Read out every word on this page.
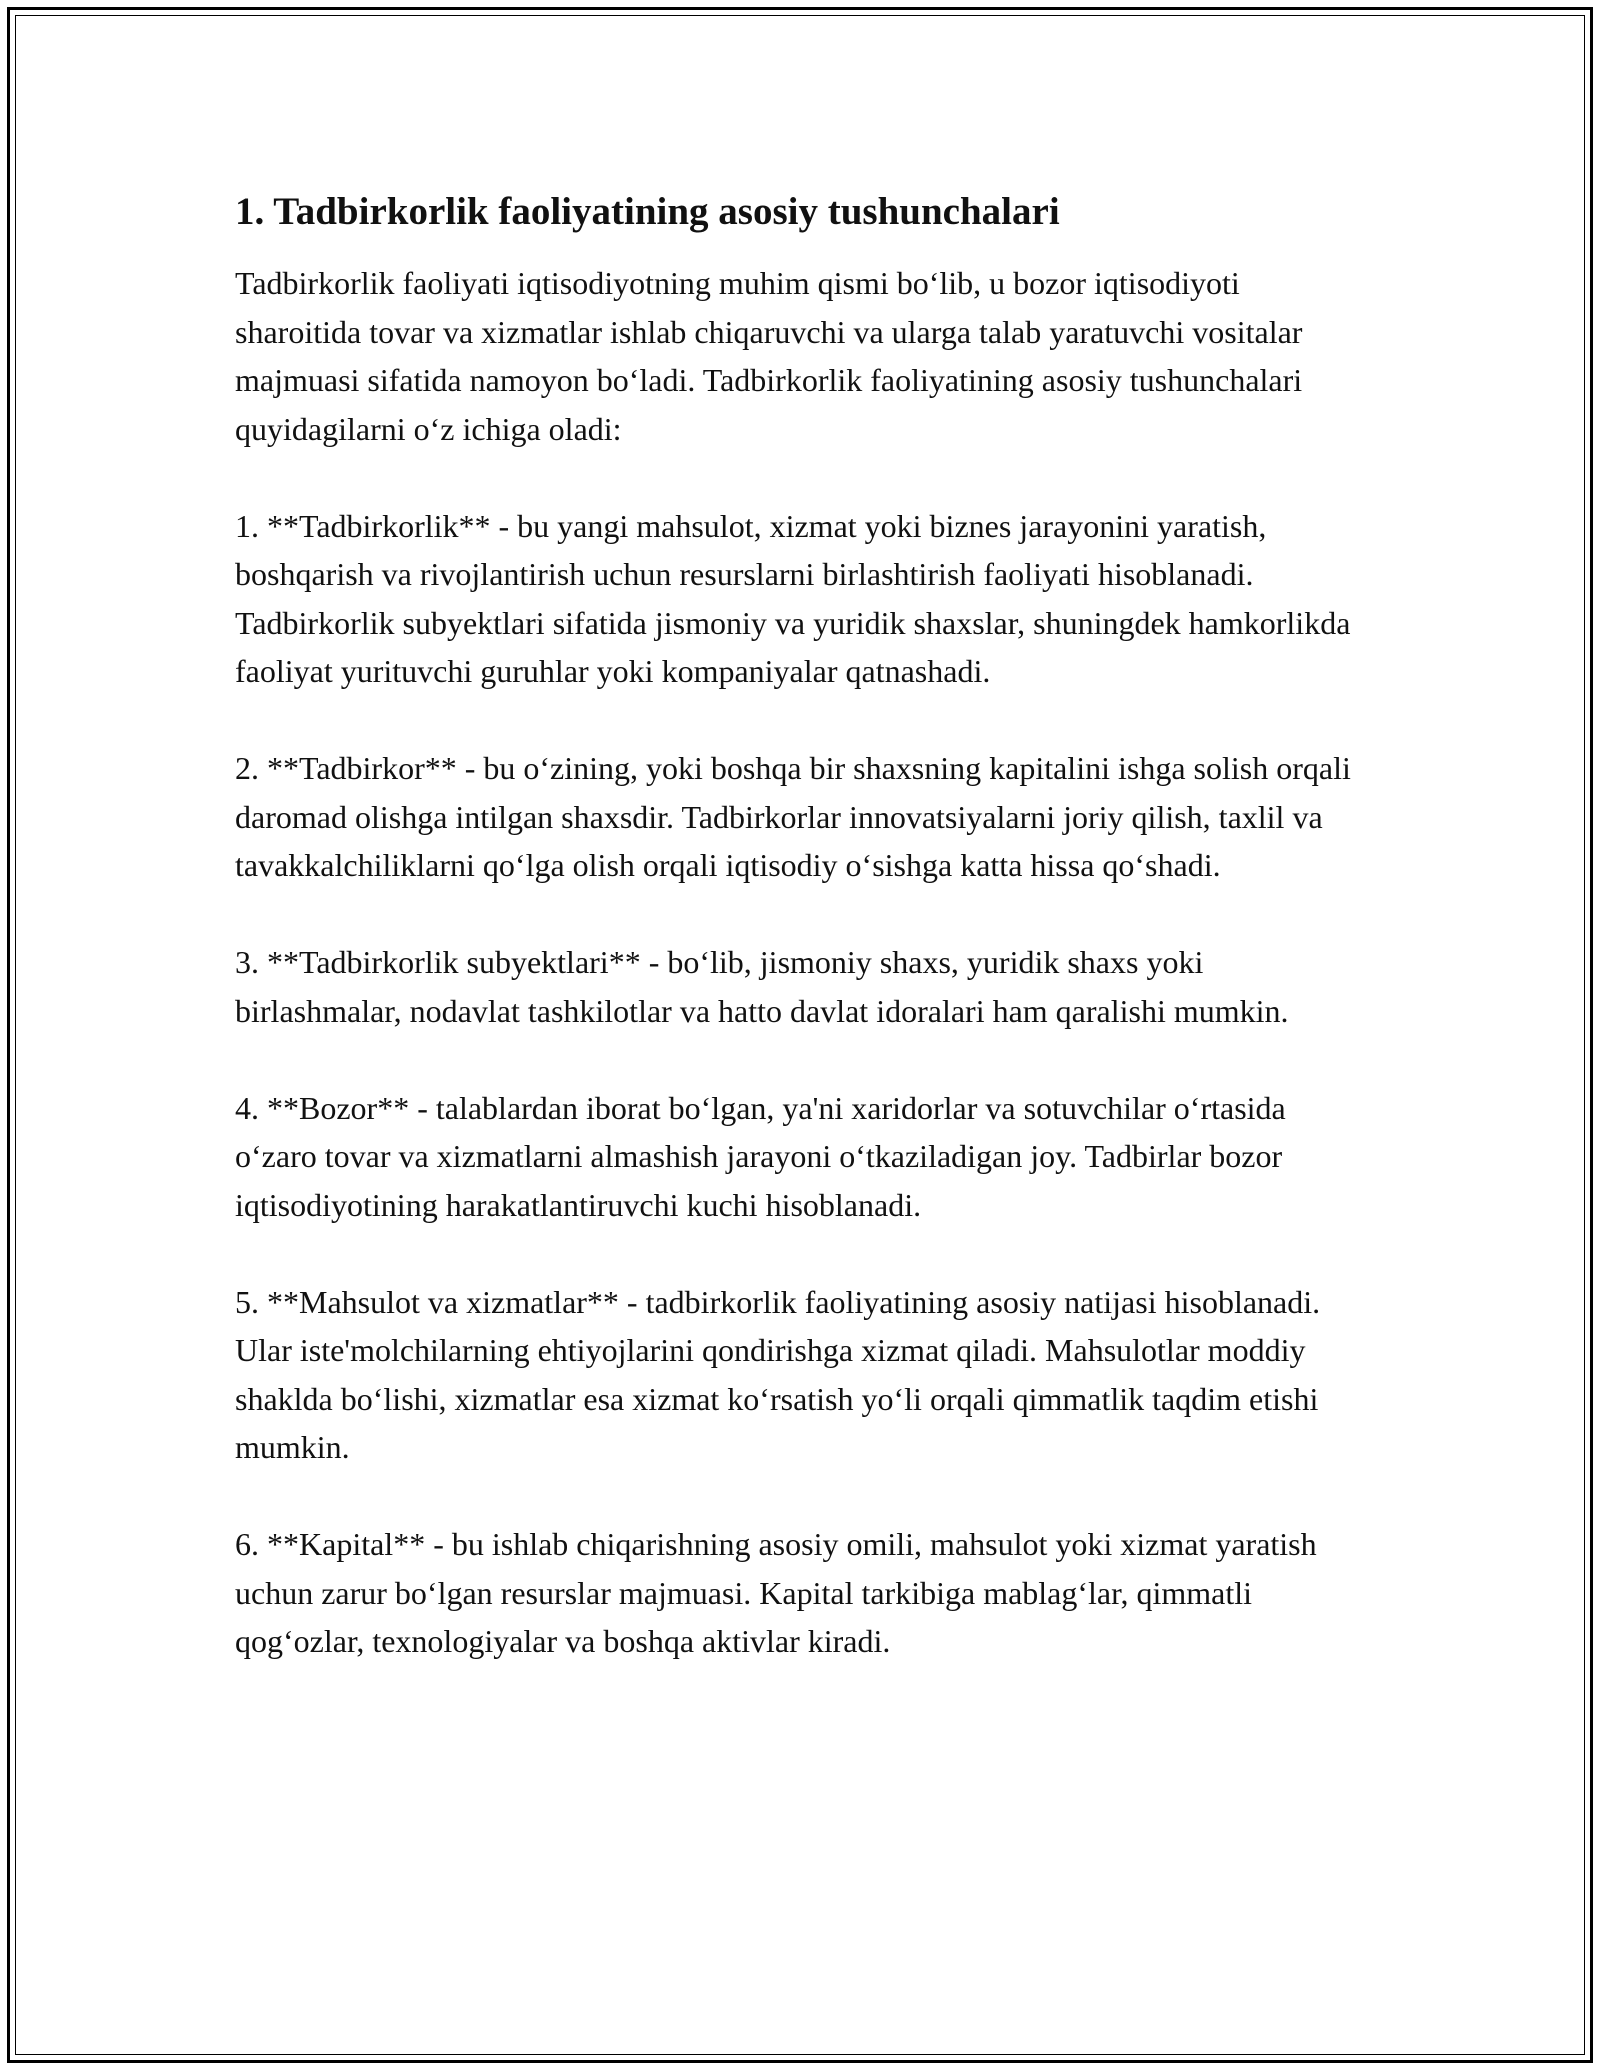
1. Tadbirkorlik faoliyatining asosiy tushunchalari

Tadbirkorlik faoliyati iqtisodiyotning muhim qismi bo‘lib, u bozor iqtisodiyoti sharoitida tovar va xizmatlar ishlab chiqaruvchi va ularga talab yaratuvchi vositalar majmuasi sifatida namoyon bo‘ladi. Tadbirkorlik faoliyatining asosiy tushunchalari quyidagilarni o‘z ichiga oladi:

1. **Tadbirkorlik** - bu yangi mahsulot, xizmat yoki biznes jarayonini yaratish, boshqarish va rivojlantirish uchun resurslarni birlashtirish faoliyati hisoblanadi. Tadbirkorlik subyektlari sifatida jismoniy va yuridik shaxslar, shuningdek hamkorlikda faoliyat yurituvchi guruhlar yoki kompaniyalar qatnashadi.

2. **Tadbirkor** - bu o‘zining, yoki boshqa bir shaxsning kapitalini ishga solish orqali daromad olishga intilgan shaxsdir. Tadbirkorlar innovatsiyalarni joriy qilish, taxlil va tavakkalchiliklarni qo‘lga olish orqali iqtisodiy o‘sishga katta hissa qo‘shadi.

3. **Tadbirkorlik subyektlari** - bo‘lib, jismoniy shaxs, yuridik shaxs yoki birlashmalar, nodavlat tashkilotlar va hatto davlat idoralari ham qaralishi mumkin.

4. **Bozor** - talablardan iborat bo‘lgan, ya'ni xaridorlar va sotuvchilar o‘rtasida o‘zaro tovar va xizmatlarni almashish jarayoni o‘tkaziladigan joy. Tadbirlar bozor iqtisodiyotining harakatlantiruvchi kuchi hisoblanadi.

5. **Mahsulot va xizmatlar** - tadbirkorlik faoliyatining asosiy natijasi hisoblanadi. Ular iste'molchilarning ehtiyojlarini qondirishga xizmat qiladi. Mahsulotlar moddiy shaklda bo‘lishi, xizmatlar esa xizmat ko‘rsatish yo‘li orqali qimmatlik taqdim etishi mumkin.

6. **Kapital** - bu ishlab chiqarishning asosiy omili, mahsulot yoki xizmat yaratish uchun zarur bo‘lgan resurslar majmuasi. Kapital tarkibiga mablag‘lar, qimmatli qog‘ozlar, texnologiyalar va boshqa aktivlar kiradi.
